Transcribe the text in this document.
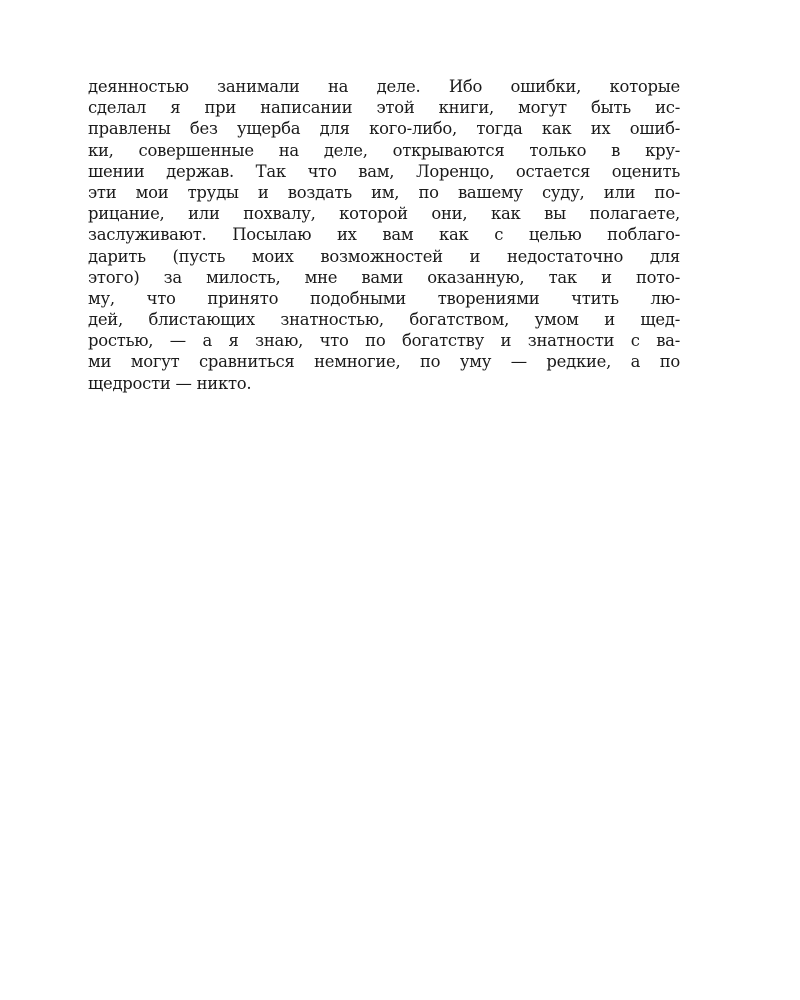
деянностью занимали на деле. Ибо ошибки, которые
сделал я при написании этой книги, могут быть ис-
правлены без ущерба для кого-либо, тогда как их ошиб-
ки, совершенные на деле, открываются только в кру-
шении держав. Так что вам, Лоренцо, остается оценить
эти мои труды и воздать им, по вашему суду, или по-
рицание, или похвалу, которой они, как вы полагаете,
заслуживают. Посылаю их вам как с целью поблаго-
дарить (пусть моих возможностей и недостаточно для
этого) за милость, мне вами оказанную, так и пото-
му, что принято подобными творениями чтить лю-
дей, блистающих знатностью, богатством, умом и щед-
ростью, — а я знаю, что по богатству и знатности с ва-
ми могут сравниться немногие, по уму — редкие, а по
щедрости — никто.
